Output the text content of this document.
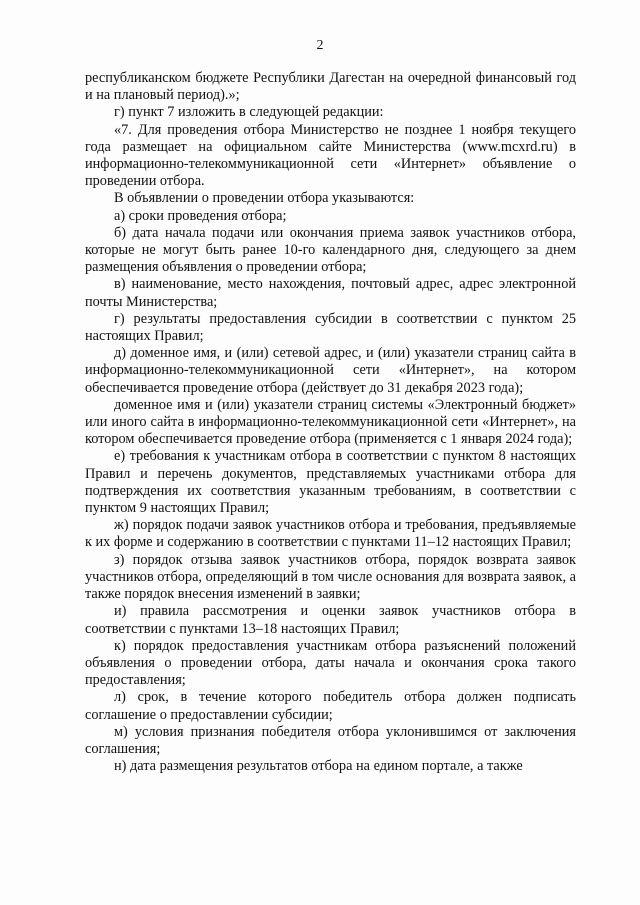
2

республиканском бюджете Республики Дагестан на очередной финансовый год и на плановый период).»;

г) пункт 7 изложить в следующей редакции:

«7. Для проведения отбора Министерство не позднее 1 ноября текущего года размещает на официальном сайте Министерства (www.mcxrd.ru) в информационно-телекоммуникационной сети «Интернет» объявление о проведении отбора.

В объявлении о проведении отбора указываются:

а) сроки проведения отбора;

б) дата начала подачи или окончания приема заявок участников отбора, которые не могут быть ранее 10-го календарного дня, следующего за днем размещения объявления о проведении отбора;

в) наименование, место нахождения, почтовый адрес, адрес электронной почты Министерства;

г) результаты предоставления субсидии в соответствии с пунктом 25 настоящих Правил;

д) доменное имя, и (или) сетевой адрес, и (или) указатели страниц сайта в информационно-телекоммуникационной сети «Интернет», на котором обеспечивается проведение отбора (действует до 31 декабря 2023 года);

доменное имя и (или) указатели страниц системы «Электронный бюджет» или иного сайта в информационно-телекоммуникационной сети «Интернет», на котором обеспечивается проведение отбора (применяется с 1 января 2024 года);

е) требования к участникам отбора в соответствии с пунктом 8 настоящих Правил и перечень документов, представляемых участниками отбора для подтверждения их соответствия указанным требованиям, в соответствии с пунктом 9 настоящих Правил;

ж) порядок подачи заявок участников отбора и требования, предъявляемые к их форме и содержанию в соответствии с пунктами 11–12 настоящих Правил;

з) порядок отзыва заявок участников отбора, порядок возврата заявок участников отбора, определяющий в том числе основания для возврата заявок, а также порядок внесения изменений в заявки;

и) правила рассмотрения и оценки заявок участников отбора в соответствии с пунктами 13–18 настоящих Правил;

к) порядок предоставления участникам отбора разъяснений положений объявления о проведении отбора, даты начала и окончания срока такого предоставления;

л) срок, в течение которого победитель отбора должен подписать соглашение о предоставлении субсидии;

м) условия признания победителя отбора уклонившимся от заключения соглашения;

н) дата размещения результатов отбора на едином портале, а также
